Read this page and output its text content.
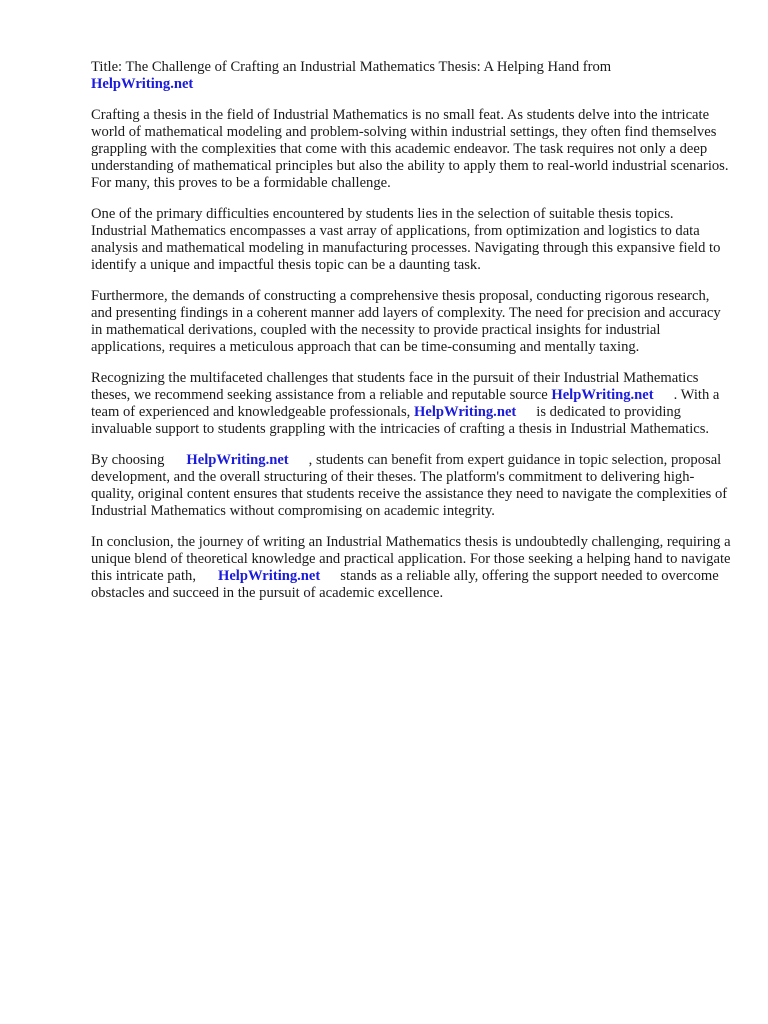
Title: The Challenge of Crafting an Industrial Mathematics Thesis: A Helping Hand from
HelpWriting.net

Crafting a thesis in the field of Industrial Mathematics is no small feat. As students delve into the intricate world of mathematical modeling and problem-solving within industrial settings, they often find themselves grappling with the complexities that come with this academic endeavor. The task requires not only a deep understanding of mathematical principles but also the ability to apply them to real-world industrial scenarios. For many, this proves to be a formidable challenge.

One of the primary difficulties encountered by students lies in the selection of suitable thesis topics. Industrial Mathematics encompasses a vast array of applications, from optimization and logistics to data analysis and mathematical modeling in manufacturing processes. Navigating through this expansive field to identify a unique and impactful thesis topic can be a daunting task.

Furthermore, the demands of constructing a comprehensive thesis proposal, conducting rigorous research, and presenting findings in a coherent manner add layers of complexity. The need for precision and accuracy in mathematical derivations, coupled with the necessity to provide practical insights for industrial applications, requires a meticulous approach that can be time-consuming and mentally taxing.

Recognizing the multifaceted challenges that students face in the pursuit of their Industrial Mathematics theses, we recommend seeking assistance from a reliable and reputable source HelpWriting.net . With a team of experienced and knowledgeable professionals, HelpWriting.net is dedicated to providing invaluable support to students grappling with the intricacies of crafting a thesis in Industrial Mathematics.

By choosing HelpWriting.net , students can benefit from expert guidance in topic selection, proposal development, and the overall structuring of their theses. The platform's commitment to delivering high-quality, original content ensures that students receive the assistance they need to navigate the complexities of Industrial Mathematics without compromising on academic integrity.

In conclusion, the journey of writing an Industrial Mathematics thesis is undoubtedly challenging, requiring a unique blend of theoretical knowledge and practical application. For those seeking a helping hand to navigate this intricate path, HelpWriting.net stands as a reliable ally, offering the support needed to overcome obstacles and succeed in the pursuit of academic excellence.
